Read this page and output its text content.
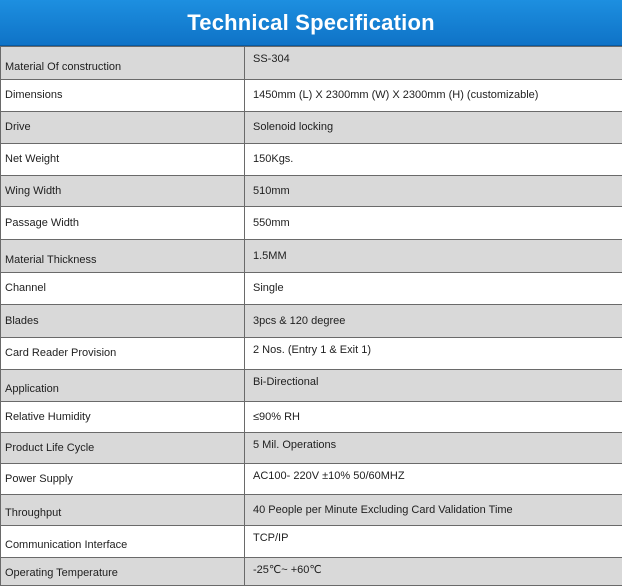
Technical Specification
Material Of construction	SS-304
Dimensions	1450mm (L) X 2300mm (W) X 2300mm (H) (customizable)
Drive	Solenoid locking
Net Weight	150Kgs.
Wing Width	510mm
Passage Width	550mm
Material Thickness	1.5MM
Channel	Single
Blades	3pcs & 120 degree
Card Reader Provision	2 Nos. (Entry 1 & Exit 1)
Application	Bi-Directional
Relative Humidity	≤90% RH
Product Life Cycle	5 Mil. Operations
Power Supply	AC100- 220V ±10% 50/60MHZ
Throughput	40 People per Minute Excluding Card Validation Time
Communication Interface	TCP/IP
Operating Temperature	-25℃~ +60℃
